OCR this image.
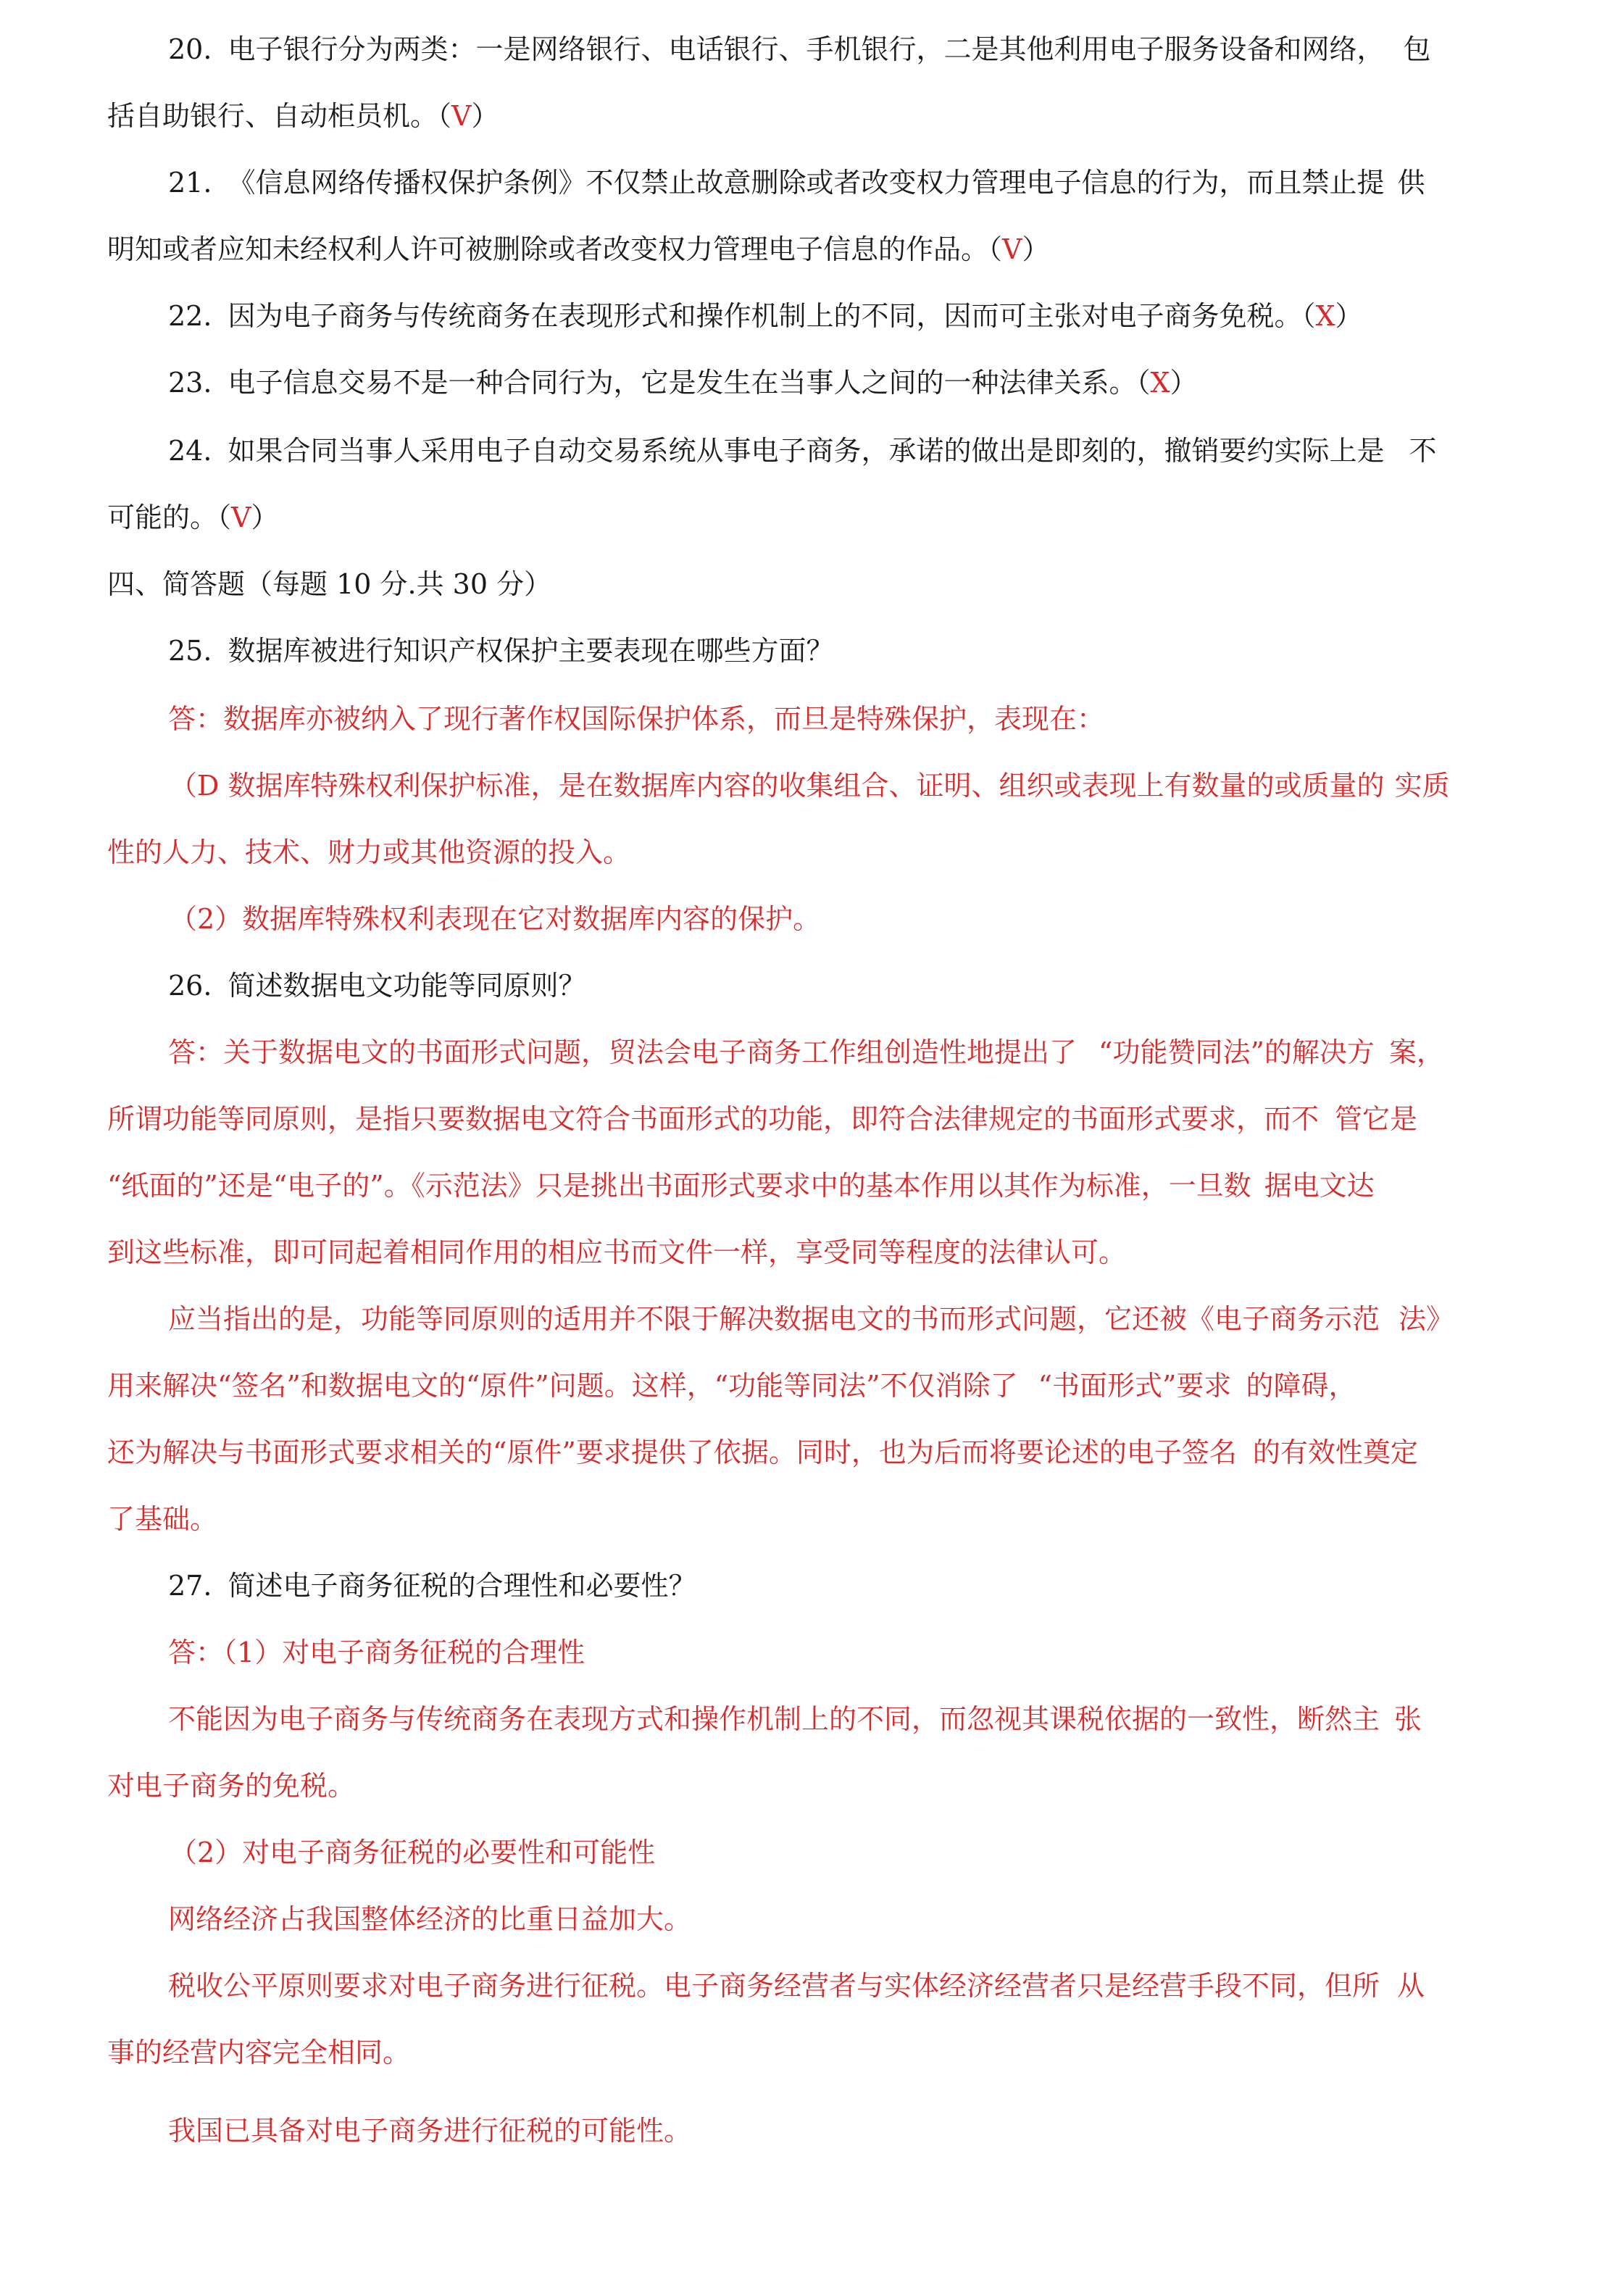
20. 电子银行分为两类：一是网络银行、电话银行、手机银行，二是其他利用电子服务设备和网络， 包
括自助银行、自动柜员机。（V）
21. 《信息网络传播权保护条例》不仅禁止故意删除或者改变权力管理电子信息的行为，而且禁止提 供
明知或者应知未经权利人许可被删除或者改变权力管理电子信息的作品。（V）
22. 因为电子商务与传统商务在表现形式和操作机制上的不同，因而可主张对电子商务免税。（X）
23. 电子信息交易不是一种合同行为，它是发生在当事人之间的一种法律关系。（X）
24. 如果合同当事人采用电子自动交易系统从事电子商务，承诺的做出是即刻的，撤销要约实际上是 不
可能的。（V）
四、简答题（每题 10 分.共 30 分）
25. 数据库被进行知识产权保护主要表现在哪些方面？
答：数据库亦被纳入了现行著作权国际保护体系，而旦是特殊保护，表现在：
（D 数据库特殊权利保护标准，是在数据库内容的收集组合、证明、组织或表现上有数量的或质量的 实质
性的人力、技术、财力或其他资源的投入。
（2）数据库特殊权利表现在它对数据库内容的保护。
26. 简述数据电文功能等同原则？
答：关于数据电文的书面形式问题，贸法会电子商务工作组创造性地提出了 “功能赞同法”的解决方 案，
所谓功能等同原则，是指只要数据电文符合书面形式的功能，即符合法律规定的书面形式要求，而不 管它是
“纸面的”还是“电子的”。《示范法》只是挑出书面形式要求中的基本作用以其作为标准，一旦数 据电文达
到这些标准，即可同起着相同作用的相应书而文件一样，享受同等程度的法律认可。
应当指出的是，功能等同原则的适用并不限于解决数据电文的书而形式问题，它还被《电子商务示范 法》
用来解决“签名”和数据电文的“原件”问题。这样，“功能等同法”不仅消除了 “书面形式”要求 的障碍，
还为解决与书面形式要求相关的“原件”要求提供了依据。同时，也为后而将要论述的电子签名 的有效性奠定
了基础。
27. 简述电子商务征税的合理性和必要性？
答：（1）对电子商务征税的合理性
不能因为电子商务与传统商务在表现方式和操作机制上的不同，而忽视其课税依据的一致性，断然主 张
对电子商务的免税。
（2）对电子商务征税的必要性和可能性
网络经济占我国整体经济的比重日益加大。
税收公平原则要求对电子商务进行征税。电子商务经营者与实体经济经营者只是经营手段不同，但所 从
事的经营内容完全相同。
我国已具备对电子商务进行征税的可能性。
